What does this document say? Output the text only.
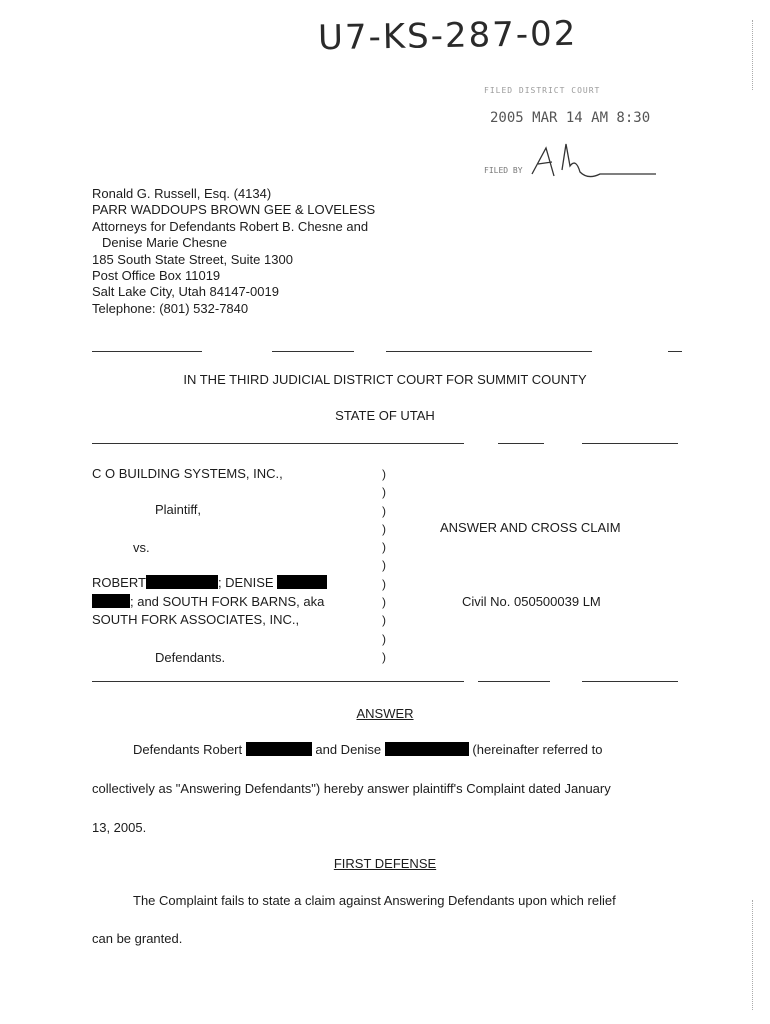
U7-KS-287-02
FILED DISTRICT COURT
2005 MAR 14 AM 8:30
FILED BY
Ronald G. Russell, Esq. (4134)
PARR WADDOUPS BROWN GEE & LOVELESS
Attorneys for Defendants Robert B. Chesne and
Denise Marie Chesne
185 South State Street, Suite 1300
Post Office Box 11019
Salt Lake City, Utah 84147-0019
Telephone: (801) 532-7840
IN THE THIRD JUDICIAL DISTRICT COURT FOR SUMMIT COUNTY
STATE OF UTAH
C O BUILDING SYSTEMS, INC.,
Plaintiff,
vs.
ROBERT	; DENISE
; and SOUTH FORK BARNS, aka
SOUTH FORK ASSOCIATES, INC.,
Defendants.
)
)
)
)
)
)
)
)
)
)
)
ANSWER AND CROSS CLAIM
Civil No. 050500039 LM
ANSWER
Defendants Robert	and Denise	(hereinafter referred to
collectively as "Answering Defendants") hereby answer plaintiff's Complaint dated January
13, 2005.
FIRST DEFENSE
The Complaint fails to state a claim against Answering Defendants upon which relief
can be granted.
